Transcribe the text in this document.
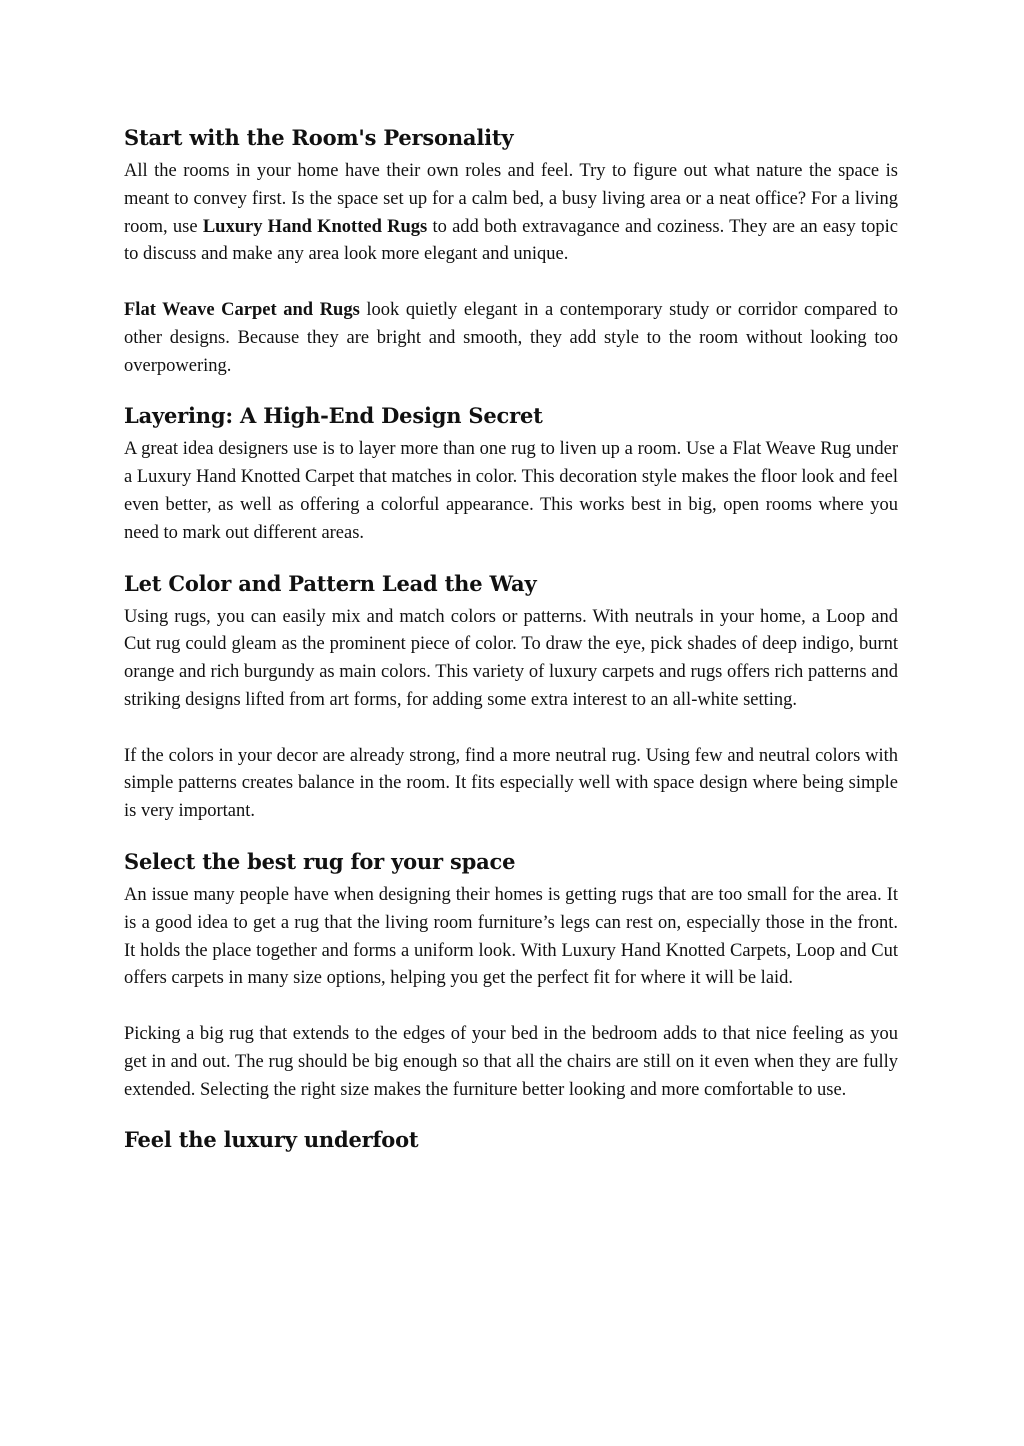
Start with the Room's Personality

All the rooms in your home have their own roles and feel. Try to figure out what nature the space is meant to convey first. Is the space set up for a calm bed, a busy living area or a neat office? For a living room, use Luxury Hand Knotted Rugs to add both extravagance and coziness. They are an easy topic to discuss and make any area look more elegant and unique.

Flat Weave Carpet and Rugs look quietly elegant in a contemporary study or corridor compared to other designs. Because they are bright and smooth, they add style to the room without looking too overpowering.

Layering: A High-End Design Secret

A great idea designers use is to layer more than one rug to liven up a room. Use a Flat Weave Rug under a Luxury Hand Knotted Carpet that matches in color. This decoration style makes the floor look and feel even better, as well as offering a colorful appearance. This works best in big, open rooms where you need to mark out different areas.

Let Color and Pattern Lead the Way

Using rugs, you can easily mix and match colors or patterns. With neutrals in your home, a Loop and Cut rug could gleam as the prominent piece of color. To draw the eye, pick shades of deep indigo, burnt orange and rich burgundy as main colors. This variety of luxury carpets and rugs offers rich patterns and striking designs lifted from art forms, for adding some extra interest to an all-white setting.

If the colors in your decor are already strong, find a more neutral rug. Using few and neutral colors with simple patterns creates balance in the room. It fits especially well with space design where being simple is very important.

Select the best rug for your space

An issue many people have when designing their homes is getting rugs that are too small for the area. It is a good idea to get a rug that the living room furniture’s legs can rest on, especially those in the front. It holds the place together and forms a uniform look. With Luxury Hand Knotted Carpets, Loop and Cut offers carpets in many size options, helping you get the perfect fit for where it will be laid.

Picking a big rug that extends to the edges of your bed in the bedroom adds to that nice feeling as you get in and out. The rug should be big enough so that all the chairs are still on it even when they are fully extended. Selecting the right size makes the furniture better looking and more comfortable to use.

Feel the luxury underfoot
